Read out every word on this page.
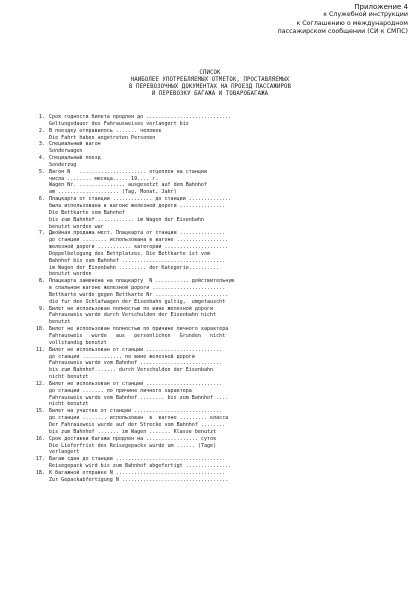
Приложение 4
к Служебной инструкции
к Соглашению о международном
пассажирском сообщении (СИ к СМПС)
СПИСОК
НАИБОЛЕЕ УПОТРЕБЛЯЕМЫХ ОТМЕТОК, ПРОСТАВЛЯЕМЫХ
В ПЕРЕВОЗОЧНЫХ ДОКУМЕНТАХ НА ПРОЕЗД ПАССАЖИРОВ
И ПЕРЕВОЗКУ БАГАЖА И ТОВАРОБАГАЖА
1. Срок годности билета продлен до ............................
Geltungsdauer des Fahrausweises verlangert bis
2. В поездку отправилось ....... человек
Die Fahrt haben angetreten Personen
3. Специальный вагон
Sonderwagen
4. Специальный поезд
Sonderzug
5. Вагон N   ...................... отцеплен на станции
числа ........ месяца..... 19.... г.
Wagen Nr. ............... ausgesetzt auf dem Bahnhof
am .................... (Tag, Monat, Jahr)
6. Плацкарта от станции ............. до станции ..............
была использована в вагоне железной дороги ...............
Die Bettkarte vom Bahnhof
bis zum Bahnhof ............ im Wagen der Eisenbahn
benutzt worden war
7. Двойная продажа мест. Плацкарта от станции ...............
до станции ........ использована в вагоне .................
железной дороги ........... категории .....................
Doppelbelegung des Bettplatzes. Die Bettkarte ist vom
Bahnhof bis zum Bahnhof ..................................
im Wagen der Eisenbahn ......... der Kategorie..........
benutzt worden
8. Плацкарта заменена на плацкарту  N ........... действительную
в спальном вагоне железной дороги ........................
Bettkarte wurde gegen Bettkarte Nr ........................
die fur den Schlafwagen der Eisenbahn gultig,  umgetauscht
9. Билет не использован полностью по вине железной дороги
Fahrausweis wurde durch Verschulden der Eisenbahn nicht
benutzt
10. Билет не использован полностью по причине личного характера
Fahrausweis   wurde   aus   personlichen   Grunden   nicht
vollstandig benutzt
11. Билет не использован от станции .........................
до станции ............. по вине железной дороги
Fahrausweis wurde vom Bahnhof ...........................
bis zum Bahnhof ...... durch Verschulden der Eisenbahn
nicht benutzt
12. Билет не использован от станции .........................
до станции ....... по причине личного характера
Fahrausweis wurde vom Bahnhof ........ bis zum Bahnhof ....
nicht benutzt
15. Билет на участке от станции .............................
до станции ........ использован  в  вагоне ......... класса
Der Fahrausweis wurde auf der Strecke vom Bahnhof ........
bis zum Bahnhof ....... im Wagen ....... Klasse benutzt
16. Срок доставки багажа продлен на ................. суток
Die Lieferfrist des Reisegepacks wurde um ...... (Tage)
verlangert
17. Багаж сдан до станции ....................................
Reisegepack wird bis zum Bahnhof abgefertigt ...............
18. К багажной отправке N ....................................
Zur Gepackabfertigung N ...................................
